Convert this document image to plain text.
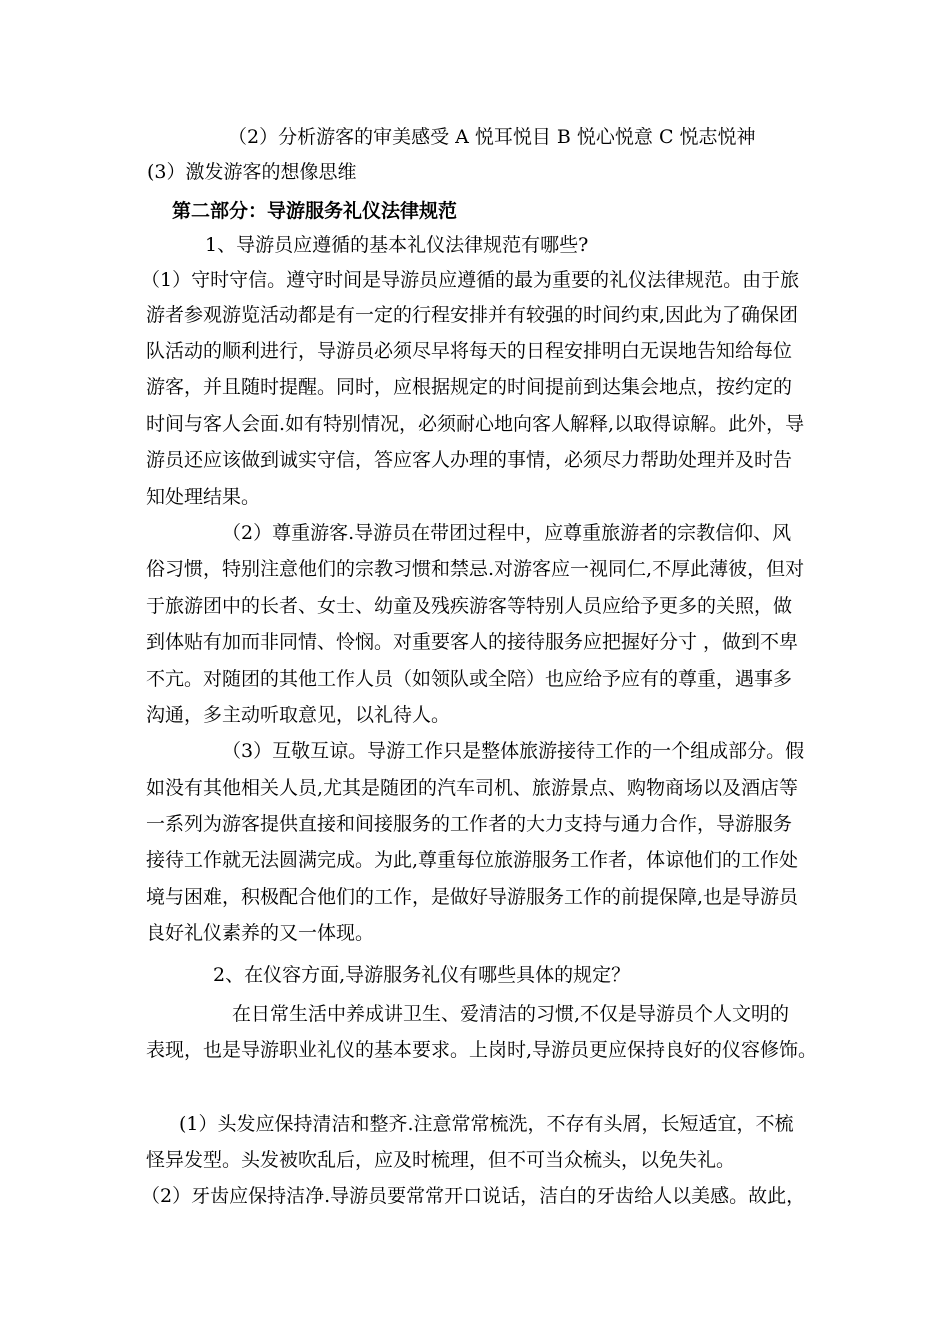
（2）分析游客的审美感受 A 悦耳悦目 B 悦心悦意 C 悦志悦神
(3）激发游客的想像思维
第二部分：导游服务礼仪法律规范
1、导游员应遵循的基本礼仪法律规范有哪些?
（1）守时守信。遵守时间是导游员应遵循的最为重要的礼仪法律规范。由于旅
游者参观游览活动都是有一定的行程安排并有较强的时间约束,因此为了确保团
队活动的顺利进行，导游员必须尽早将每天的日程安排明白无误地告知给每位
游客，并且随时提醒。同时，应根据规定的时间提前到达集会地点，按约定的
时间与客人会面.如有特别情况，必须耐心地向客人解释,以取得谅解。此外，导
游员还应该做到诚实守信，答应客人办理的事情，必须尽力帮助处理并及时告
知处理结果。
（2）尊重游客.导游员在带团过程中，应尊重旅游者的宗教信仰、风
俗习惯，特别注意他们的宗教习惯和禁忌.对游客应一视同仁,不厚此薄彼，但对
于旅游团中的长者、女士、幼童及残疾游客等特别人员应给予更多的关照，做
到体贴有加而非同情、怜悯。对重要客人的接待服务应把握好分寸 ，做到不卑
不亢。对随团的其他工作人员（如领队或全陪）也应给予应有的尊重，遇事多
沟通，多主动听取意见，以礼待人。
（3）互敬互谅。导游工作只是整体旅游接待工作的一个组成部分。假
如没有其他相关人员,尤其是随团的汽车司机、旅游景点、购物商场以及酒店等
一系列为游客提供直接和间接服务的工作者的大力支持与通力合作，导游服务
接待工作就无法圆满完成。为此,尊重每位旅游服务工作者，体谅他们的工作处
境与困难，积极配合他们的工作，是做好导游服务工作的前提保障,也是导游员
良好礼仪素养的又一体现。
2、在仪容方面,导游服务礼仪有哪些具体的规定？
在日常生活中养成讲卫生、爱清洁的习惯,不仅是导游员个人文明的
表现，也是导游职业礼仪的基本要求。上岗时,导游员更应保持良好的仪容修饰。
(1）头发应保持清洁和整齐.注意常常梳洗，不存有头屑，长短适宜，不梳
怪异发型。头发被吹乱后，应及时梳理，但不可当众梳头，以免失礼。
（2）牙齿应保持洁净.导游员要常常开口说话，洁白的牙齿给人以美感。故此，
